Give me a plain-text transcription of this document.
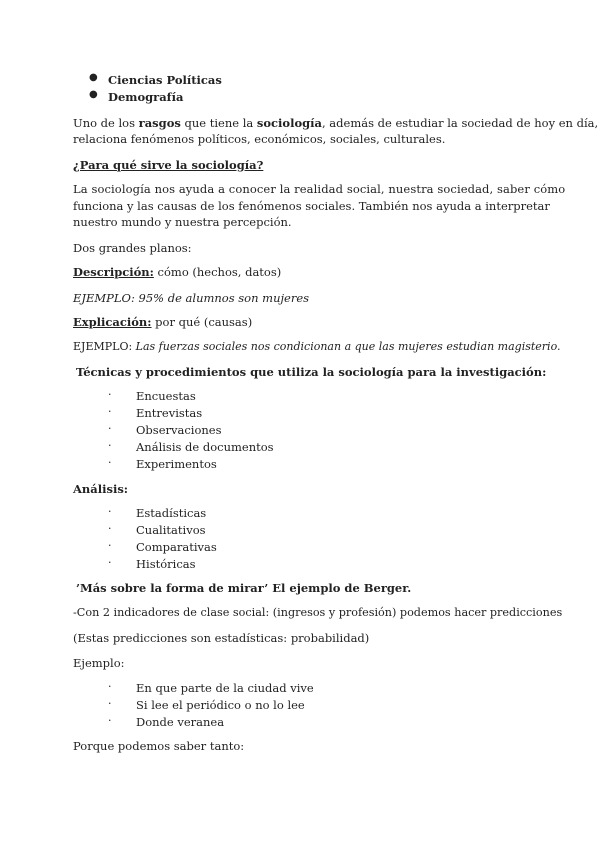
● Ciencias Políticas
● Demografía
Uno de los rasgos que tiene la sociología, además de estudiar la sociedad de hoy en día,
relaciona fenómenos políticos, económicos, sociales, culturales.
¿Para qué sirve la sociología?
La sociología nos ayuda a conocer la realidad social, nuestra sociedad, saber cómo
funciona y las causas de los fenómenos sociales. También nos ayuda a interpretar
nuestro mundo y nuestra percepción.
Dos grandes planos:
Descripción: cómo (hechos, datos)
EJEMPLO: 95% de alumnos son mujeres
Explicación: por qué (causas)
EJEMPLO: Las fuerzas sociales nos condicionan a que las mujeres estudian magisterio.
Técnicas y procedimientos que utiliza la sociología para la investigación:
· Encuestas
· Entrevistas
· Observaciones
· Análisis de documentos
· Experimentos
Análisis:
· Estadísticas
· Cualitativos
· Comparativas
· Históricas
’Más sobre la forma de mirar’ El ejemplo de Berger.
-Con 2 indicadores de clase social: (ingresos y profesión) podemos hacer predicciones
(Estas predicciones son estadísticas: probabilidad)
Ejemplo:
· En que parte de la ciudad vive
· Si lee el periódico o no lo lee
· Donde veranea
Porque podemos saber tanto:
